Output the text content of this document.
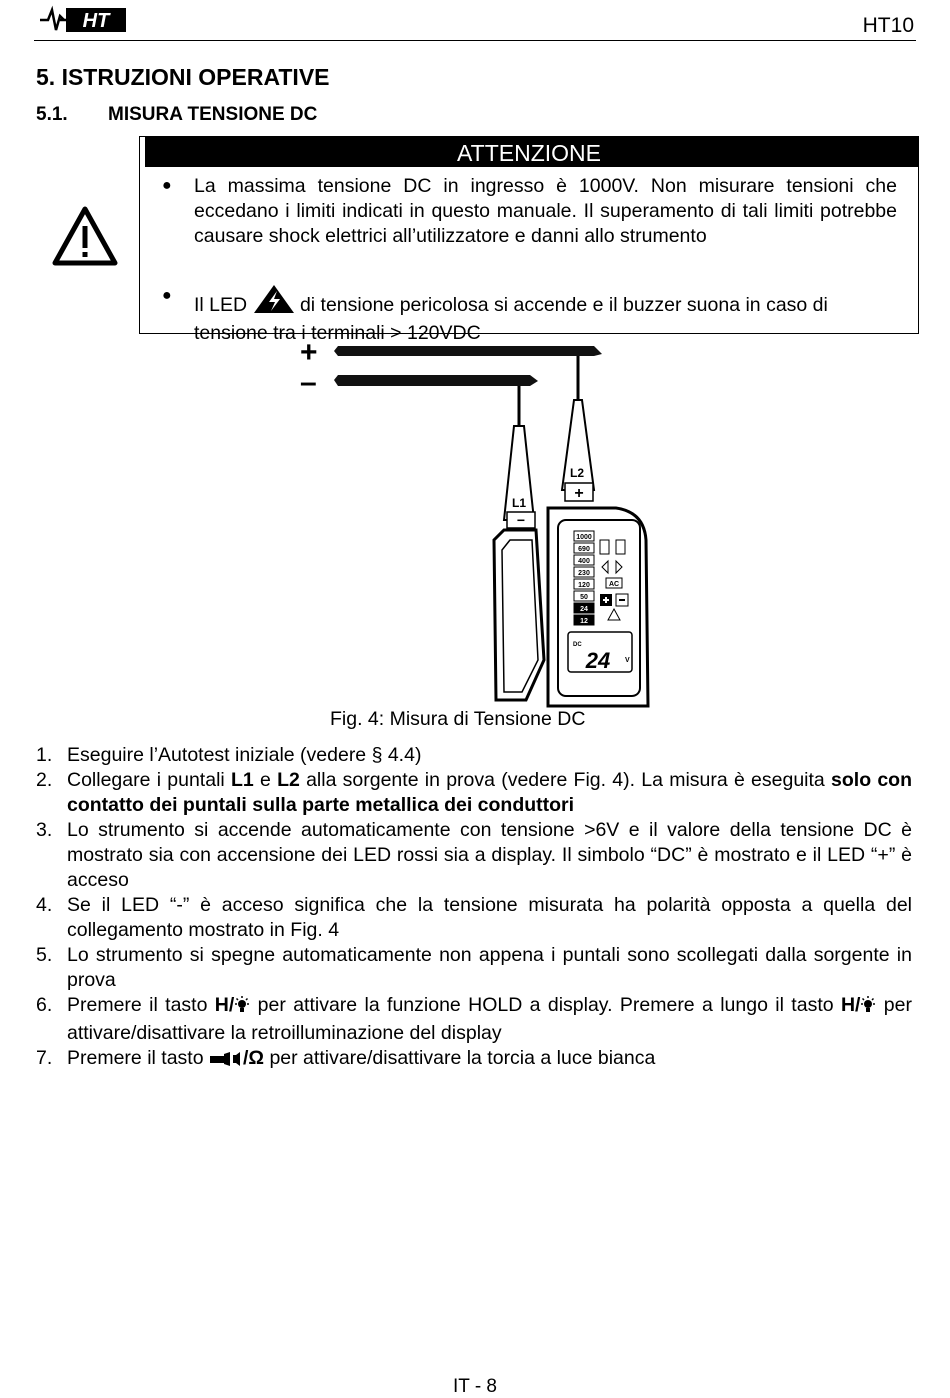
HT	HT10
5. ISTRUZIONI OPERATIVE
5.1. MISURA TENSIONE DC
ATTENZIONE
● La massima tensione DC in ingresso è 1000V. Non misurare tensioni che eccedano i limiti indicati in questo manuale. Il superamento di tali limiti potrebbe causare shock elettrici all’utilizzatore e danni allo strumento
● Il LED	di tensione pericolosa si accende e il buzzer suona in caso di tensione tra i terminali > 120VDC
+
–
L1
−
L2
+
1000
690
400
230
120
50
24
12
AC
DC
24 V
Fig. 4: Misura di Tensione DC
1. Eseguire l’Autotest iniziale (vedere § 4.4)
2. Collegare i puntali L1 e L2 alla sorgente in prova (vedere Fig. 4). La misura è eseguita solo con contatto dei puntali sulla parte metallica dei conduttori
3. Lo strumento si accende automaticamente con tensione >6V e il valore della tensione DC è mostrato sia con accensione dei LED rossi sia a display. Il simbolo “DC” è mostrato e il LED “+” è acceso
4. Se il LED “-” è acceso significa che la tensione misurata ha polarità opposta a quella del collegamento mostrato in Fig. 4
5. Lo strumento si spegne automaticamente non appena i puntali sono scollegati dalla sorgente in prova
6. Premere il tasto H/ per attivare la funzione HOLD a display. Premere a lungo il tasto H/ per attivare/disattivare la retroilluminazione del display
7. Premere il tasto /Ω per attivare/disattivare la torcia a luce bianca
IT - 8
